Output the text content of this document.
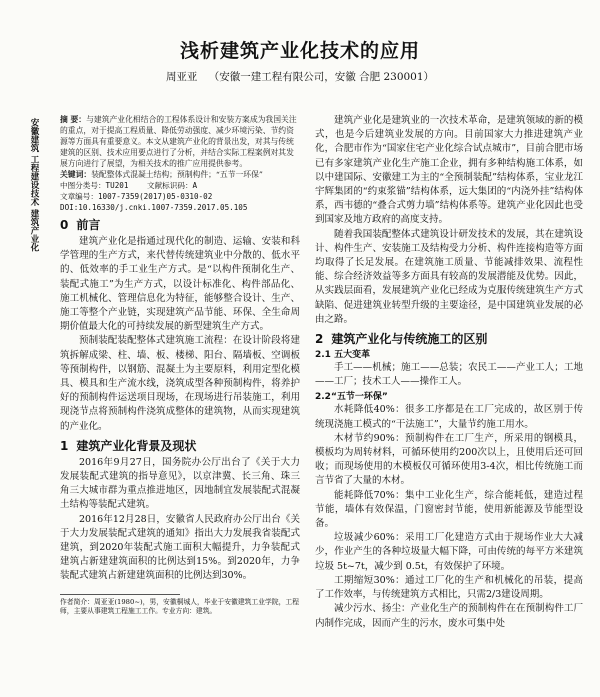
浅析建筑产业化技术的应用
周亚亚 （安徽一建工程有限公司，安徽 合肥 230001）
安徽建筑 工程建设技术 建筑产业化	摘 要：与建筑产业化相结合的工程体系设计和安装方案成为我国关注的重点，对于提高工程质量、降低劳动强度、减少环境污染、节约资源等方面具有重要意义。本文从建筑产业化的背景出发，对其与传统建筑的区别、技术应用要点进行了分析，并结合实际工程案例对其发展方向进行了展望，为相关技术的推广应用提供参考。
关键词：装配整体式混凝土结构；预制构件；“五节一环保”
中图分类号：TU201 文献标识码：A
文章编号：1007-7359(2017)05-0310-02
DOI:10.16330/j.cnki.1007-7359.2017.05.105
0 前言

建筑产业化是指通过现代化的制造、运输、安装和科学管理的生产方式，来代替传统建筑业中分散的、低水平的、低效率的手工业生产方式。是“以构件预制化生产、装配式施工”为生产方式，以设计标准化、构件部品化、施工机械化、管理信息化为特征，能够整合设计、生产、施工等整个产业链，实现建筑产品节能、环保、全生命周期价值最大化的可持续发展的新型建筑生产方式。

预制装配装配整体式建筑施工流程：在设计阶段将建筑拆解成梁、柱、墙、板、楼梯、阳台、隔墙板、空调板等预制构件，以钢筋、混凝土为主要原料，利用定型化模具、模具和生产流水线，浇筑成型各种预制构件，将养护好的预制构件运送项目现场，在现场进行吊装施工，利用现浇节点将预制构件浇筑成整体的建筑物，从而实现建筑的产业化。

1 建筑产业化背景及现状

2016年9月27日，国务院办公厅出台了《关于大力发展装配式建筑的指导意见》，以京津冀、长三角、珠三角三大城市群为重点推进地区，因地制宜发展装配式混凝土结构等装配式建筑。

2016年12月28日，安徽省人民政府办公厅出台《关于大力发展装配式建筑的通知》指出大力发展我省装配式建筑，到2020年装配式施工面积大幅提升，力争装配式建筑占新建建筑面积的比例达到15%。到2020年，力争装配式建筑占新建建筑面积的比例达到30%。

作者简介：周亚亚(1980~)，男，安徽桐城人，毕业于安徽建筑工业学院，工程师，主要从事建筑工程施工工作。专业方向：建筑。

建筑产业化是建筑业的一次技术革命，是建筑领域的新的模式，也是今后建筑业发展的方向。目前国家大力推进建筑产业化，合肥市作为“国家住宅产业化综合试点城市”，目前合肥市场已有多家建筑产业化生产施工企业，拥有多种结构施工体系，如以中建国际、安徽建工为主的“全预制装配”结构体系，宝业龙江宇辉集团的“约束浆锚”结构体系，远大集团的“内浇外挂”结构体系，西韦德的“叠合式剪力墙”结构体系等。建筑产业化因此也受到国家及地方政府的高度支持。

随着我国装配整体式建筑设计研发技术的发展，其在建筑设计、构件生产、安装施工及结构受力分析、构件连接构造等方面均取得了长足发展。在建筑施工质量、节能减排效果、流程性能、综合经济效益等多方面具有较高的发展潜能及优势。因此，从实践层面看，发展建筑产业化已经成为克服传统建筑生产方式缺陷、促进建筑业转型升级的主要途径，是中国建筑业发展的必由之路。

2 建筑产业化与传统施工的区别
2.1 五大变革

手工——机械；施工——总装；农民工——产业工人；工地——工厂；技术工人——操作工人。

2.2“五节一环保”

水耗降低40%：很多工序都是在工厂完成的，故区别于传统现浇施工模式的“干法施工”，大量节约施工用水。

木材节约90%：预制构件在工厂生产，所采用的钢模具，模板均为周转材料，可循环使用约200次以上，且使用后还可回收；而现场使用的木模板仅可循环使用3-4次，相比传统施工而言节省了大量的木材。

能耗降低70%：集中工业化生产，综合能耗低，建造过程节能，墙体有效保温，门窗密封节能，使用新能源及节能型设备。

垃圾减少60%：采用工厂化建造方式由于规场作业大大减少，作业产生的各种垃圾量大幅下降，可由传统的每平方米建筑垃圾 5t~7t，减少到 0.5t，有效保护了环境。

工期缩短30%：通过工厂化的生产和机械化的吊装，提高了工作效率，与传统建筑方式相比，只需2/3建设周期。

减少污水、扬尘：产业化生产的预制构件在在预制构件工厂内制作完成，因而产生的污水，废水可集中处
